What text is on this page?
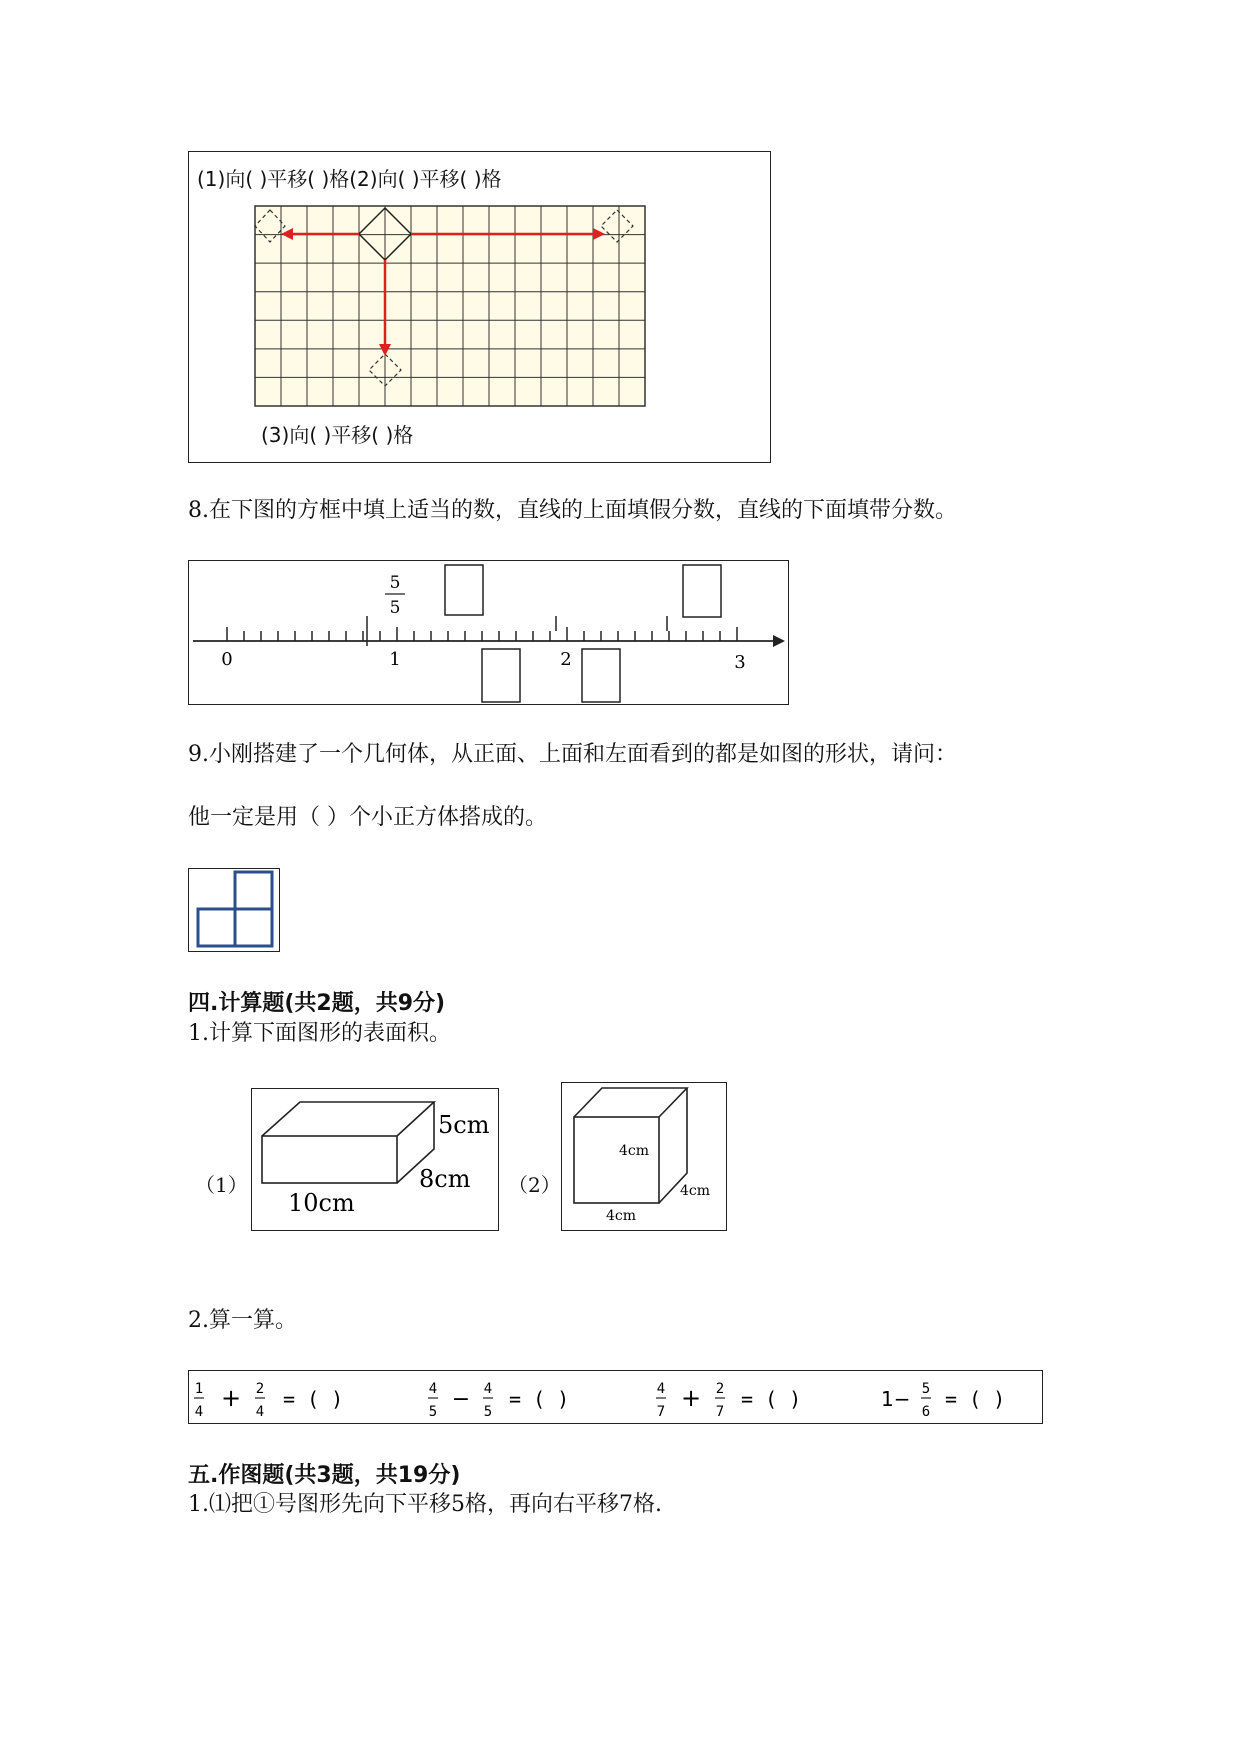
(1)向( )平移( )格(2)向( )平移( )格
(3)向( )平移( )格
8.在下图的方框中填上适当的数，直线的上面填假分数，直线的下面填带分数。
5
5
0	1	2	3
9.小刚搭建了一个几何体，从正面、上面和左面看到的都是如图的形状，请问：
他一定是用（ ）个小正方体搭成的。
四.计算题(共2题，共9分)
1.计算下面图形的表面积。
（1）
5cm
8cm
10cm
（2）
4cm
4cm
4cm
2.算一算。
1
4 + 2
4
= ( )	4
5 − 4
5
= ( )	4
7 + 2
7
= ( )	1− 5
6
= ( )
五.作图题(共3题，共19分)
1.⑴把①号图形先向下平移5格，再向右平移7格.
